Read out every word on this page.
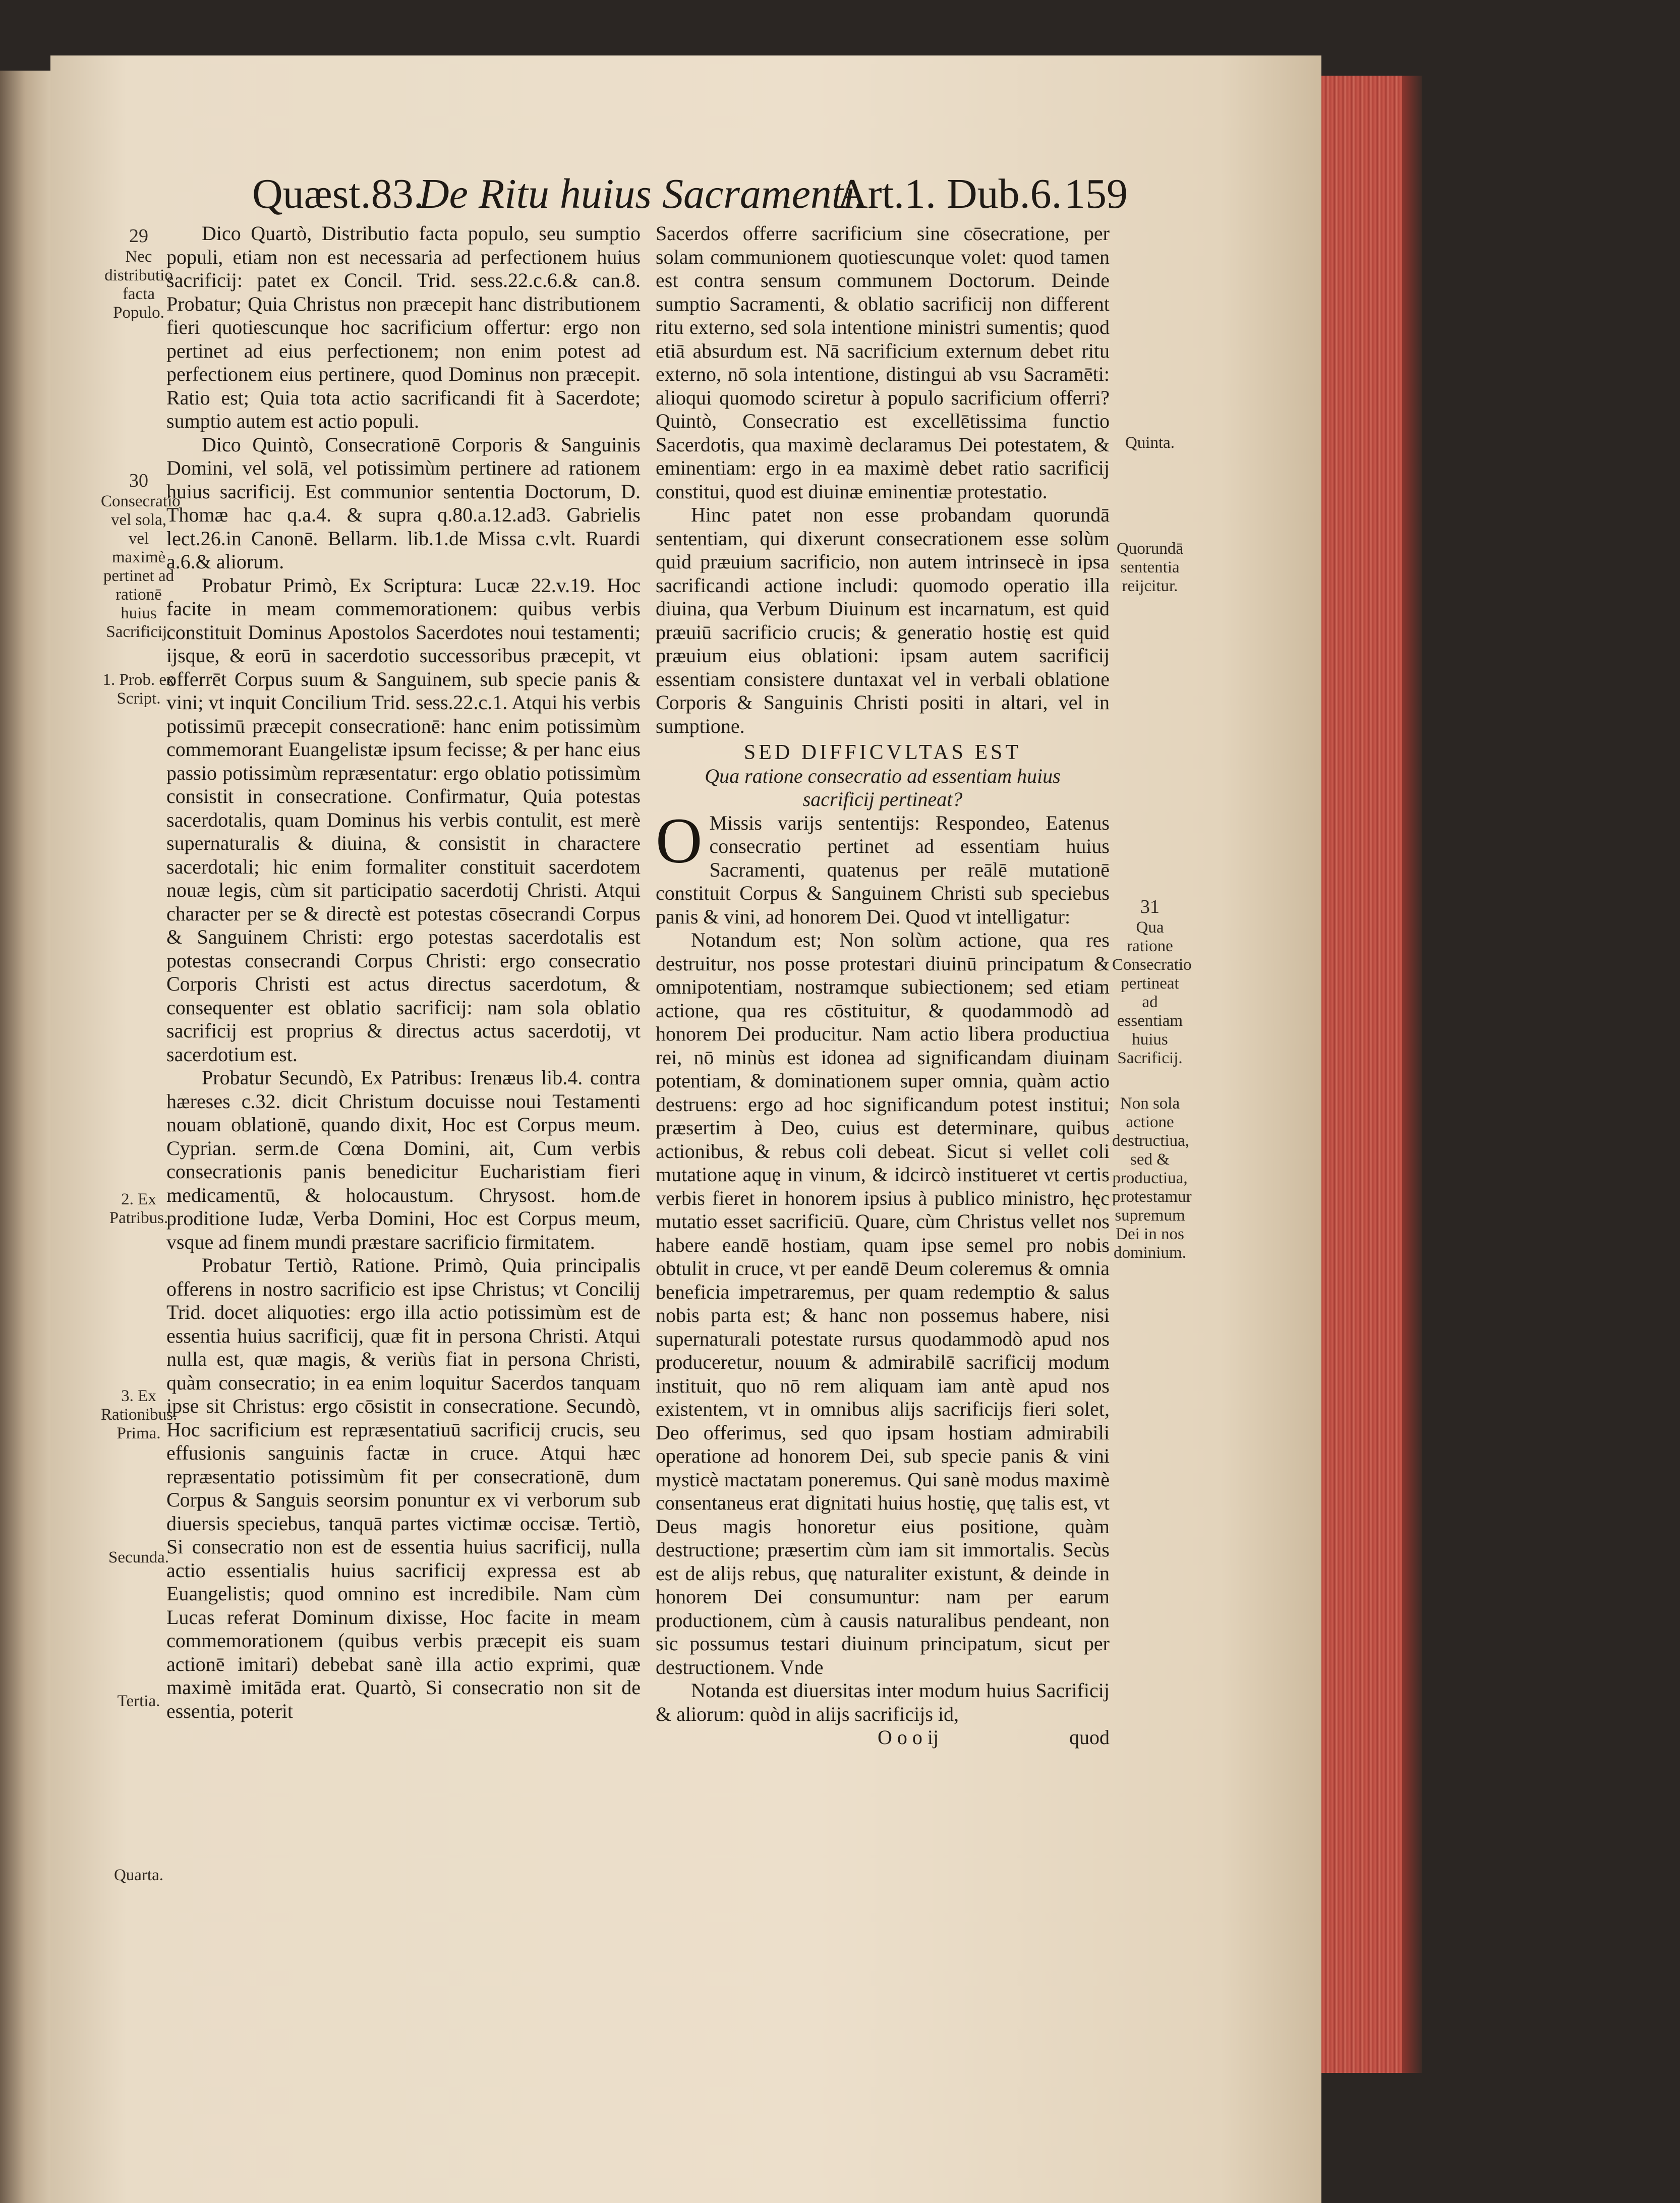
Quæst.83.
De Ritu huius Sacramenti.
Art.1. Dub.6. 159
29
Nec distributio facta Populo.
30
Consecratio vel sola, vel maximè pertinet ad rationē huius Sacrificij.
1. Prob. ex Script.
2. Ex Patribus.
3. Ex Rationibus. Prima.
Secunda.
Tertia.
Quarta.

Dico Quartò, Distributio facta populo, seu sumptio populi, etiam non est necessaria ad perfectionem huius sacrificij: patet ex Concil. Trid. sess.22.c.6.& can.8. Probatur; Quia Christus non præcepit hanc distributionem fieri quotiescunque hoc sacrificium offertur: ergo non pertinet ad eius perfectionem; non enim potest ad perfectionem eius pertinere, quod Dominus non præcepit. Ratio est; Quia tota actio sacrificandi fit à Sacerdote; sumptio autem est actio populi.

Dico Quintò, Consecrationē Corporis & Sanguinis Domini, vel solā, vel potissimùm pertinere ad rationem huius sacrificij. Est communior sententia Doctorum, D. Thomæ hac q.a.4. & supra q.80.a.12.ad3. Gabrielis lect.26.in Canonē. Bellarm. lib.1.de Missa c.vlt. Ruardi a.6.& aliorum.

Probatur Primò, Ex Scriptura: Lucæ 22.v.19. Hoc facite in meam commemorationem: quibus verbis constituit Dominus Apostolos Sacerdotes noui testamenti; ijsque, & eorū in sacerdotio successoribus præcepit, vt offerrēt Corpus suum & Sanguinem, sub specie panis & vini; vt inquit Concilium Trid. sess.22.c.1. Atqui his verbis potissimū præcepit consecrationē: hanc enim potissimùm commemorant Euangelistæ ipsum fecisse; & per hanc eius passio potissimùm repræsentatur: ergo oblatio potissimùm consistit in consecratione. Confirmatur, Quia potestas sacerdotalis, quam Dominus his verbis contulit, est merè supernaturalis & diuina, & consistit in charactere sacerdotali; hic enim formaliter constituit sacerdotem nouæ legis, cùm sit participatio sacerdotij Christi. Atqui character per se & directè est potestas cōsecrandi Corpus & Sanguinem Christi: ergo potestas sacerdotalis est potestas consecrandi Corpus Christi: ergo consecratio Corporis Christi est actus directus sacerdotum, & consequenter est oblatio sacrificij: nam sola oblatio sacrificij est proprius & directus actus sacerdotij, vt sacerdotium est.

Probatur Secundò, Ex Patribus: Irenæus lib.4. contra hæreses c.32. dicit Christum docuisse noui Testamenti nouam oblationē, quando dixit, Hoc est Corpus meum. Cyprian. serm.de Cœna Domini, ait, Cum verbis consecrationis panis benedicitur Eucharistiam fieri medicamentū, & holocaustum. Chrysost. hom.de proditione Iudæ, Verba Domini, Hoc est Corpus meum, vsque ad finem mundi præstare sacrificio firmitatem.

Probatur Tertiò, Ratione. Primò, Quia principalis offerens in nostro sacrificio est ipse Christus; vt Concilij Trid. docet aliquoties: ergo illa actio potissimùm est de essentia huius sacrificij, quæ fit in persona Christi. Atqui nulla est, quæ magis, & veriùs fiat in persona Christi, quàm consecratio; in ea enim loquitur Sacerdos tanquam ipse sit Christus: ergo cōsistit in consecratione. Secundò, Hoc sacrificium est repræsentatiuū sacrificij crucis, seu effusionis sanguinis factæ in cruce. Atqui hæc repræsentatio potissimùm fit per consecrationē, dum Corpus & Sanguis seorsim ponuntur ex vi verborum sub diuersis speciebus, tanquā partes victimæ occisæ. Tertiò, Si consecratio non est de essentia huius sacrificij, nulla actio essentialis huius sacrificij expressa est ab Euangelistis; quod omnino est incredibile. Nam cùm Lucas referat Dominum dixisse, Hoc facite in meam commemorationem (quibus verbis præcepit eis suam actionē imitari) debebat sanè illa actio exprimi, quæ maximè imitāda erat. Quartò, Si consecratio non sit de essentia, poterit

Sacerdos offerre sacrificium sine cōsecratione, per solam communionem quotiescunque volet: quod tamen est contra sensum communem Doctorum. Deinde sumptio Sacramenti, & oblatio sacrificij non different ritu externo, sed sola intentione ministri sumentis; quod etiā absurdum est. Nā sacrificium externum debet ritu externo, nō sola intentione, distingui ab vsu Sacramēti: alioqui quomodo sciretur à populo sacrificium offerri? Quintò, Consecratio est excellētissima functio Sacerdotis, qua maximè declaramus Dei potestatem, & eminentiam: ergo in ea maximè debet ratio sacrificij constitui, quod est diuinæ eminentiæ protestatio.

Hinc patet non esse probandam quorundā sententiam, qui dixerunt consecrationem esse solùm quid præuium sacrificio, non autem intrinsecè in ipsa sacrificandi actione includi: quomodo operatio illa diuina, qua Verbum Diuinum est incarnatum, est quid præuiū sacrificio crucis; & generatio hostię est quid præuium eius oblationi: ipsam autem sacrificij essentiam consistere duntaxat vel in verbali oblatione Corporis & Sanguinis Christi positi in altari, vel in sumptione.

SED DIFFICVLTAS EST

Qua ratione consecratio ad essentiam huius sacrificij pertineat?

O Missis varijs sententijs: Respondeo, Eatenus consecratio pertinet ad essentiam huius Sacramenti, quatenus per reālē mutationē constituit Corpus & Sanguinem Christi sub speciebus panis & vini, ad honorem Dei. Quod vt intelligatur:

Notandum est; Non solùm actione, qua res destruitur, nos posse protestari diuinū principatum & omnipotentiam, nostramque subiectionem; sed etiam actione, qua res cōstituitur, & quodammodò ad honorem Dei producitur. Nam actio libera productiua rei, nō minùs est idonea ad significandam diuinam potentiam, & dominationem super omnia, quàm actio destruens: ergo ad hoc significandum potest institui; præsertim à Deo, cuius est determinare, quibus actionibus, & rebus coli debeat. Sicut si vellet coli mutatione aquę in vinum, & idcircò institueret vt certis verbis fieret in honorem ipsius à publico ministro, hęc mutatio esset sacrificiū. Quare, cùm Christus vellet nos habere eandē hostiam, quam ipse semel pro nobis obtulit in cruce, vt per eandē Deum coleremus & omnia beneficia impetraremus, per quam redemptio & salus nobis parta est; & hanc non possemus habere, nisi supernaturali potestate rursus quodammodò apud nos produceretur, nouum & admirabilē sacrificij modum instituit, quo nō rem aliquam iam antè apud nos existentem, vt in omnibus alijs sacrificijs fieri solet, Deo offerimus, sed quo ipsam hostiam admirabili operatione ad honorem Dei, sub specie panis & vini mysticè mactatam poneremus. Qui sanè modus maximè consentaneus erat dignitati huius hostię, quę talis est, vt Deus magis honoretur eius positione, quàm destructione; præsertim cùm iam sit immortalis. Secùs est de alijs rebus, quę naturaliter existunt, & deinde in honorem Dei consumuntur: nam per earum productionem, cùm à causis naturalibus pendeant, non sic possumus testari diuinum principatum, sicut per destructionem. Vnde

Notanda est diuersitas inter modum huius Sacrificij & aliorum: quòd in alijs sacrificijs id,

O o o ij	quod
Quinta.
Quorundā sententia reijcitur.
31
Qua ratione Consecratio pertineat ad essentiam huius Sacrificij.
Non sola actione destructiua, sed & productiua, protestamur supremum Dei in nos dominium.
